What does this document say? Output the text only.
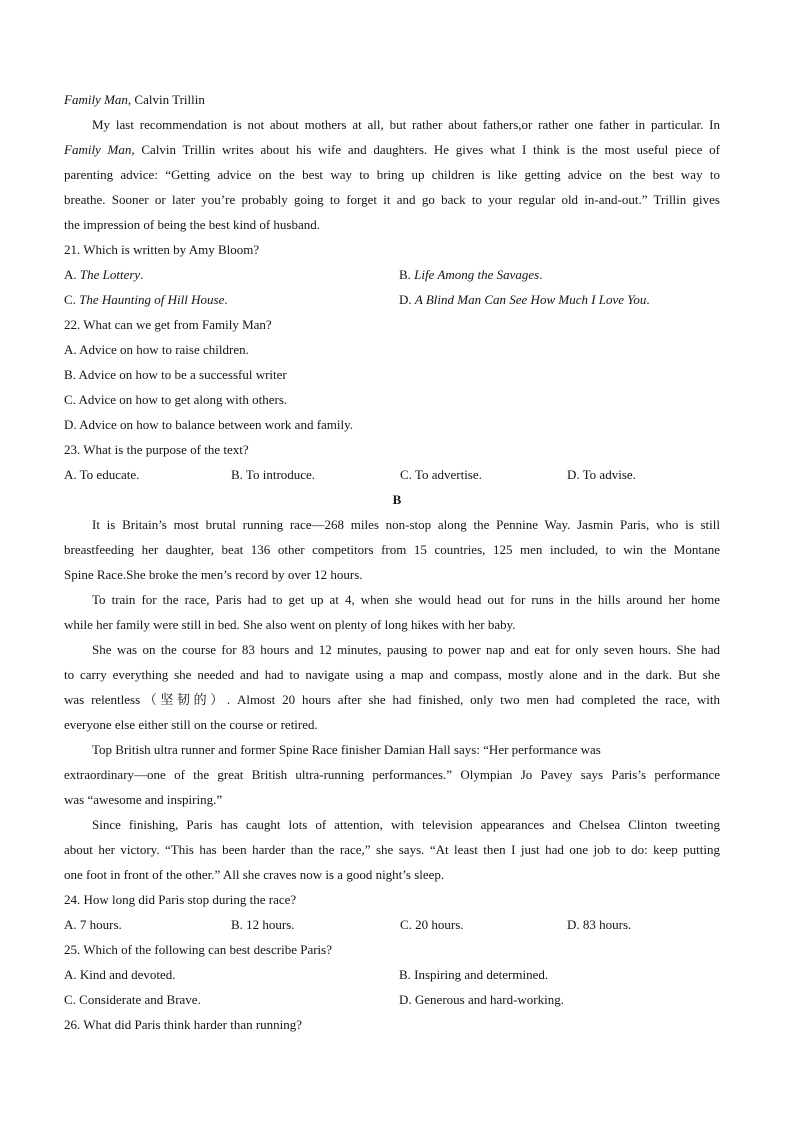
Family Man, Calvin Trillin
My last recommendation is not about mothers at all, but rather about fathers,or rather one father in particular. In
Family Man, Calvin Trillin writes about his wife and daughters. He gives what I think is the most useful piece of
parenting advice: “Getting advice on the best way to bring up children is like getting advice on the best way to
breathe. Sooner or later you’re probably going to forget it and go back to your regular old in-and-out.” Trillin gives
the impression of being the best kind of husband.
21. Which is written by Amy Bloom?
A. The Lottery.	B. Life Among the Savages.
C. The Haunting of Hill House.	D. A Blind Man Can See How Much I Love You.
22. What can we get from Family Man?
A. Advice on how to raise children.
B. Advice on how to be a successful writer
C. Advice on how to get along with others.
D. Advice on how to balance between work and family.
23. What is the purpose of the text?
A. To educate.	B. To introduce.	C. To advertise.	D. To advise.
B
It is Britain’s most brutal running race—268 miles non-stop along the Pennine Way. Jasmin Paris, who is still
breastfeeding her daughter, beat 136 other competitors from 15 countries, 125 men included, to win the Montane
Spine Race.She broke the men’s record by over 12 hours.
To train for the race, Paris had to get up at 4, when she would head out for runs in the hills around her home
while her family were still in bed. She also went on plenty of long hikes with her baby.
She was on the course for 83 hours and 12 minutes, pausing to power nap and eat for only seven hours. She had
to carry everything she needed and had to navigate using a map and compass, mostly alone and in the dark. But she
was relentless（坚韧的）. Almost 20 hours after she had finished, only two men had completed the race, with
everyone else either still on the course or retired.
Top British ultra runner and former Spine Race finisher Damian Hall says: “Her performance was
extraordinary—one of the great British ultra-running performances.” Olympian Jo Pavey says Paris’s performance
was “awesome and inspiring.”
Since finishing, Paris has caught lots of attention, with television appearances and Chelsea Clinton tweeting
about her victory. “This has been harder than the race,” she says. “At least then I just had one job to do: keep putting
one foot in front of the other.” All she craves now is a good night’s sleep.
24. How long did Paris stop during the race?
A. 7 hours.	B. 12 hours.	C. 20 hours.	D. 83 hours.
25. Which of the following can best describe Paris?
A. Kind and devoted.	B. Inspiring and determined.
C. Considerate and Brave.	D. Generous and hard-working.
26. What did Paris think harder than running?
